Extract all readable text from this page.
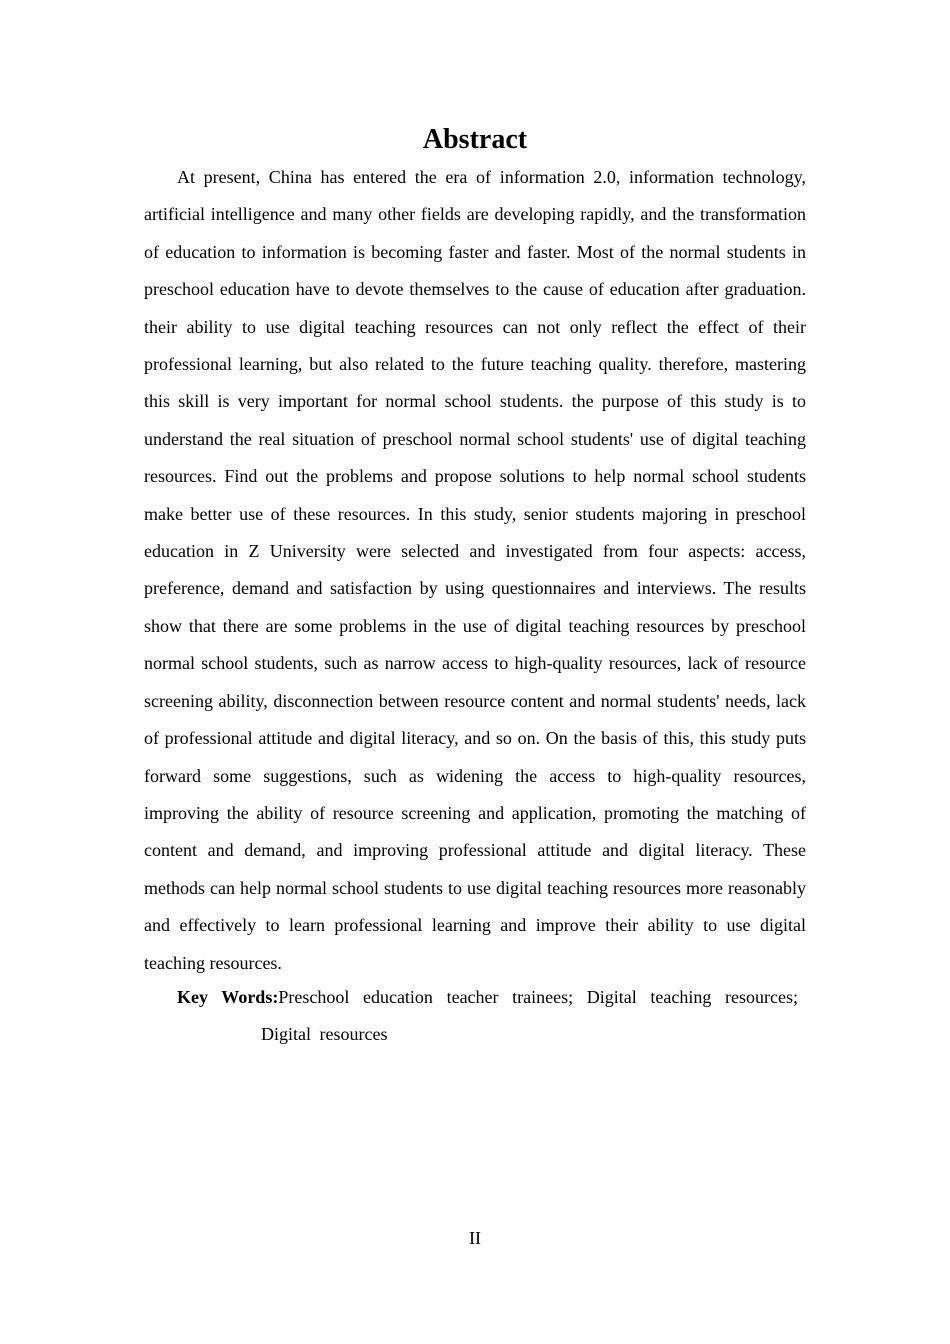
Abstract

At present, China has entered the era of information 2.0, information technology, artificial intelligence and many other fields are developing rapidly, and the transformation of education to information is becoming faster and faster. Most of the normal students in preschool education have to devote themselves to the cause of education after graduation. their ability to use digital teaching resources can not only reflect the effect of their professional learning, but also related to the future teaching quality. therefore, mastering this skill is very important for normal school students. the purpose of this study is to understand the real situation of preschool normal school students' use of digital teaching resources. Find out the problems and propose solutions to help normal school students make better use of these resources. In this study, senior students majoring in preschool education in Z University were selected and investigated from four aspects: access, preference, demand and satisfaction by using questionnaires and interviews. The results show that there are some problems in the use of digital teaching resources by preschool normal school students, such as narrow access to high-quality resources, lack of resource screening ability, disconnection between resource content and normal students' needs, lack of professional attitude and digital literacy, and so on. On the basis of this, this study puts forward some suggestions, such as widening the access to high-quality resources, improving the ability of resource screening and application, promoting the matching of content and demand, and improving professional attitude and digital literacy. These methods can help normal school students to use digital teaching resources more reasonably and effectively to learn professional learning and improve their ability to use digital teaching resources.

Key Words:Preschool education teacher trainees; Digital teaching resources;
Digital resources
II
